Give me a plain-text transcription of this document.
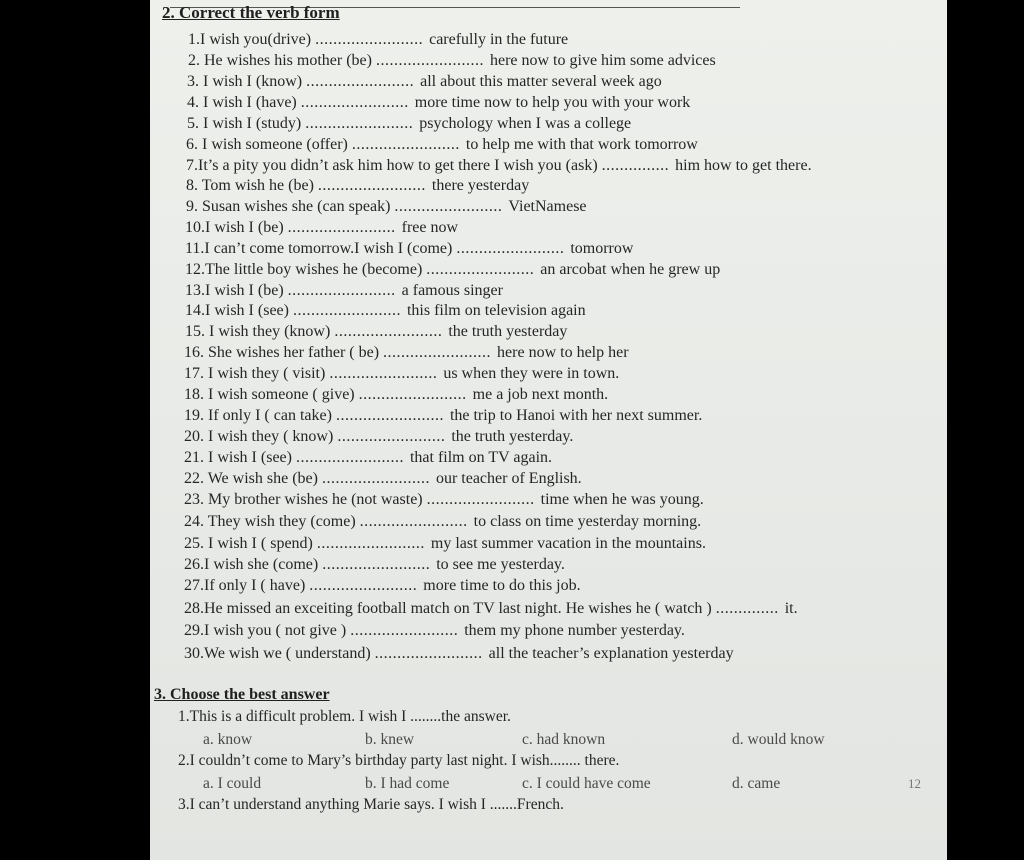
2. Correct the verb form
1.I wish you(drive) ........................ carefully in the future
2. He wishes his mother (be) ........................ here now to give him some advices
3. I wish I (know) ........................ all about this matter several week ago
4. I wish I (have) ........................ more time now to help you with your work
5. I wish I (study) ........................ psychology when I was a college
6. I wish someone (offer) ........................ to help me with that work tomorrow
7.It’s a pity you didn’t ask him how to get there I wish you (ask) ............... him how to get there.
8. Tom wish he (be) ........................ there yesterday
9. Susan wishes she (can speak) ........................ VietNamese
10.I wish I (be) ........................ free now
11.I can’t come tomorrow.I wish I (come) ........................ tomorrow
12.The little boy wishes he (become) ........................ an arcobat when he grew up
13.I wish I (be) ........................ a famous singer
14.I wish I (see) ........................ this film on television again
15. I wish they (know) ........................ the truth yesterday
16. She wishes her father ( be) ........................ here now to help her
17. I wish they ( visit) ........................ us when they were in town.
18. I wish someone ( give) ........................ me a job next month.
19. If only I ( can take) ........................ the trip to Hanoi with her next summer.
20. I wish they ( know) ........................ the truth yesterday.
21. I wish I (see) ........................ that film on TV again.
22. We wish she (be) ........................ our teacher of English.
23. My brother wishes he (not waste) ........................ time when he was young.
24. They wish they (come) ........................ to class on time yesterday morning.
25. I wish I ( spend) ........................ my last summer vacation in the mountains.
26.I wish she (come) ........................ to see me yesterday.
27.If only I ( have) ........................ more time to do this job.
28.He missed an exceiting football match on TV last night. He wishes he ( watch ) .............. it.
29.I wish you ( not give ) ........................ them my phone number yesterday.
30.We wish we ( understand) ........................ all the teacher’s explanation yesterday
3. Choose the best answer
1.This is a difficult problem. I wish I ........the answer.
a. know	b. knew	c. had known	d. would know
2.I couldn’t come to Mary’s birthday party last night. I wish........ there.
a. I could	b. I had come	c. I could have come	d. came
3.I can’t understand anything Marie says. I wish I .......French.
12
